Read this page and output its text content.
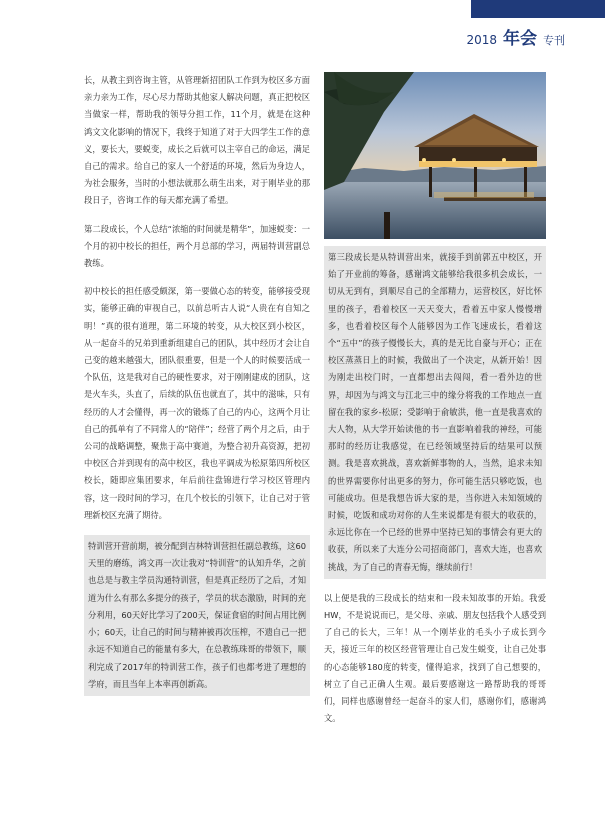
2018 年会 专刊

长，从教主到咨询主管，从管理新招团队工作到为校区多方面亲力亲为工作，尽心尽力帮助其他家人解决问题，真正把校区当做家一样，帮助我的领导分担工作，11个月，就是在这种鸿文文化影响的情况下，我终于知道了对于大四学生工作的意义，要长大，要蜕变，成长之后就可以主宰自己的命运，满足自己的需求。给自己的家人一个舒适的环境，然后为身边人，为社会服务，当时的小想法就那么萌生出来，对于刚毕业的那段日子，咨询工作的每天都充满了希望。

第二段成长，个人总结“浓缩的时间就是精华”，加速蜕变：一个月的初中校长的担任，两个月总部的学习，两届特训营副总教练。

初中校长的担任感受颇深，第一要做心态的转变，能够接受现实，能够正确的审视自己，以前总听古人说“人贵在有自知之明！”真的很有道理，第二环境的转变，从大校区到小校区，从一起奋斗的兄弟到重新组建自己的团队，其中经历才会让自己变的越来越强大，团队很重要，但是一个人的时候要活成一个队伍，这是我对自己的硬性要求，对于刚刚建成的团队，这是火车头，头直了，后续的队伍也就直了，其中的滋味，只有经历的人才会懂得，再一次的锻炼了自己的内心，这两个月让自己的孤单有了不同常人的“陪伴”；经营了两个月之后，由于公司的战略调整，聚焦于高中赛道，为整合初升高资源，把初中校区合并到现有的高中校区，我也平调成为松原第四所校区校长，随即应集团要求，年后前往盘锦进行学习校区管理内容，这一段时间的学习，在几个校长的引领下，让自己对于管理新校区充满了期待。

特训营开营前期，被分配到吉林特训营担任副总教练，这60天里的磨练，鸿文再一次让我对“特训营”的认知升华，之前也总是与教主学员沟通特训营，但是真正经历了之后，才知道为什么有那么多提分的孩子，学员的状态激励，时间的充分利用，60天好比学习了200天，保证食宿的时间占用比例小；60天，让自己的时间与精神被再次压榨，不遗自己一把永远不知道自己的能量有多大，在总教练珠哥的带领下，顺利完成了2017年的特训营工作，孩子们也都考进了理想的学府，而且当年上本率再创新高。

第三段成长是从特训营出来，就接手到前郭五中校区，开始了开业前的筹备，感谢鸿文能够给我很多机会成长，一切从无到有，到顺尽自己的全部精力，运营校区，好比怀里的孩子，看着校区一天天变大，看着五中家人慢慢增多，也看着校区每个人能够因为工作飞速成长，看着这个“五中”的孩子慢慢长大，真的是无比自豪与开心；正在校区蒸蒸日上的时候，我做出了一个决定，从新开始！因为刚走出校门时，一直都想出去闯闯，看一看外边的世界，却因为与鸿文与江北三中的缘分将我的工作地点一直留在我的家乡-松原；受影响于俞敏洪，他一直是我喜欢的大人物，从大学开始读他的书一直影响着我的神经，可能那时的经历让我感觉，在已经领域坚持后的结果可以预测。我是喜欢挑战，喜欢新鲜事物的人，当然，追求未知的世界需要你付出更多的努力，你可能生活只够吃饭，也可能成功。但是我想告诉大家的是，当你进入未知领域的时候，吃饭和成功对你的人生来说都是有很大的收获的，永远比你在一个已经的世界中坚持已知的事情会有更大的收获，所以来了大连分公司招商部门，喜欢大连，也喜欢挑战，为了自己的青春无悔，继续前行！

以上便是我的三段成长的结束和一段未知故事的开始。我爱HW，不是说说而已，是父母、亲戚、朋友包括我个人感受到了自己的长大，三年！从一个刚毕业的毛头小子成长到今天，接近三年的校区经营管理让自己发生蜕变，让自己处事的心态能够180度的转变，懂得追求，找到了自己想要的，树立了自己正确人生观。最后要感谢这一路帮助我的哥哥们，同样也感谢曾经一起奋斗的家人们，感谢你们，感谢鸿文。
